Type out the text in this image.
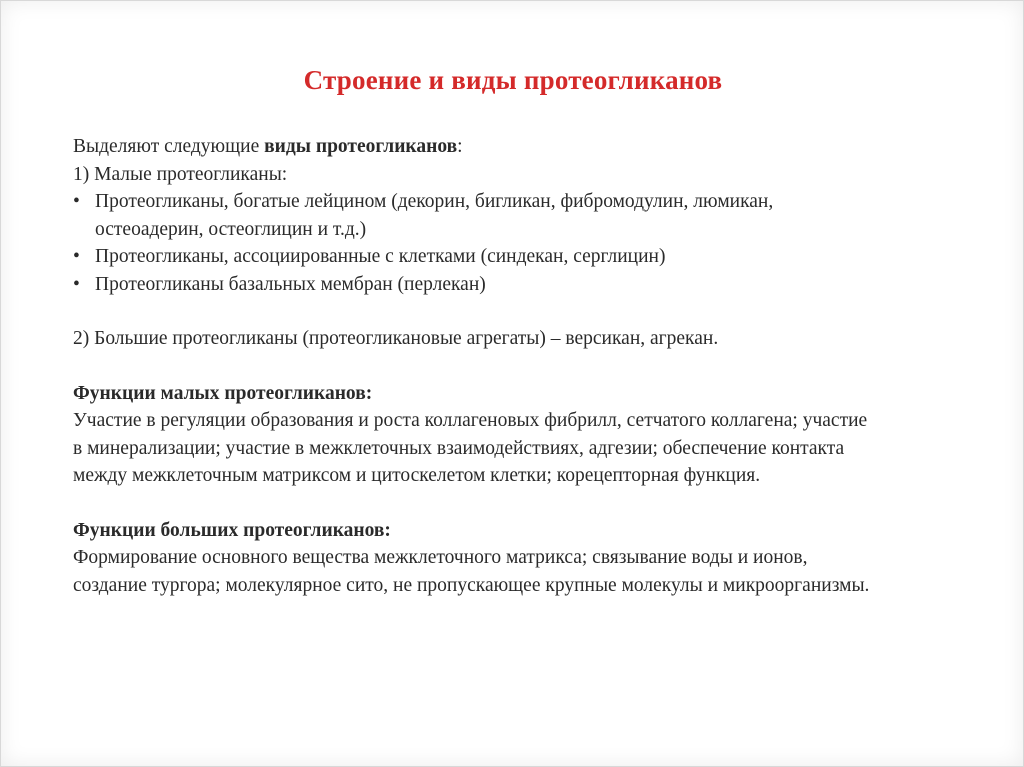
Строение и виды протеогликанов
Выделяют следующие виды протеогликанов:
1) Малые протеогликаны:
• Протеогликаны, богатые лейцином (декорин, бигликан, фибромодулин, люмикан, остеоадерин, остеоглицин и т.д.)
• Протеогликаны, ассоциированные с клетками (синдекан, серглицин)
• Протеогликаны базальных мембран (перлекан)
2) Большие протеогликаны (протеогликановые агрегаты) – версикан, агрекан.
Функции малых протеогликанов:
Участие в регуляции образования и роста коллагеновых фибрилл, сетчатого коллагена; участие в минерализации; участие в межклеточных взаимодействиях, адгезии; обеспечение контакта между межклеточным матриксом и цитоскелетом клетки; корецепторная функция.
Функции больших протеогликанов:
Формирование основного вещества межклеточного матрикса; связывание воды и ионов, создание тургора; молекулярное сито, не пропускающее крупные молекулы и микроорганизмы.
